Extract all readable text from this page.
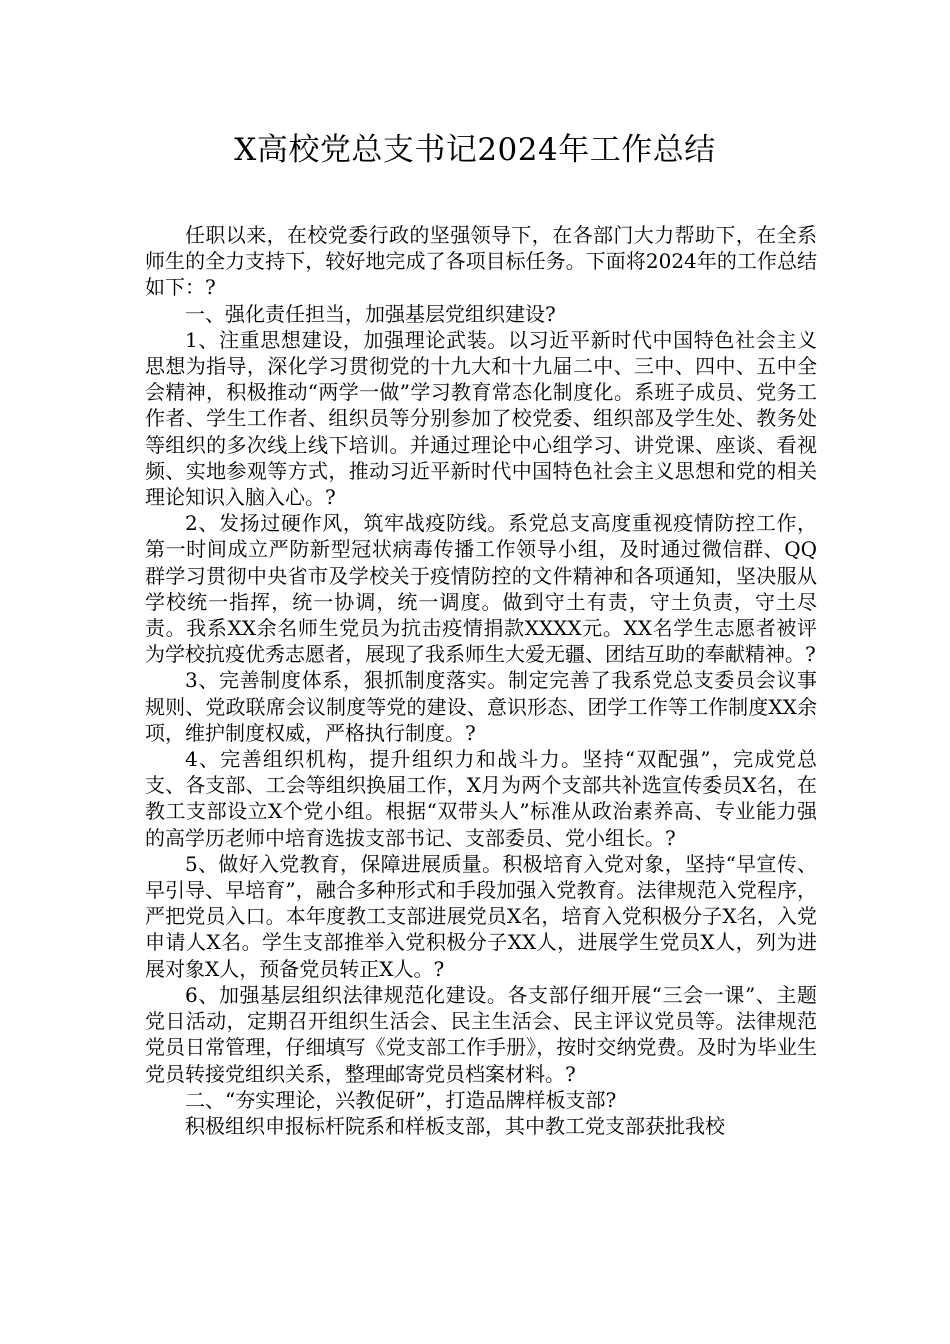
X高校党总支书记2024年工作总结

任职以来，在校党委行政的坚强领导下，在各部门大力帮助下，在全系师生的全力支持下，较好地完成了各项目标任务。下面将2024年的工作总结如下：?

一、强化责任担当，加强基层党组织建设?

1、注重思想建设，加强理论武装。以习近平新时代中国特色社会主义思想为指导，深化学习贯彻党的十九大和十九届二中、三中、四中、五中全会精神，积极推动“两学一做”学习教育常态化制度化。系班子成员、党务工作者、学生工作者、组织员等分别参加了校党委、组织部及学生处、教务处等组织的多次线上线下培训。并通过理论中心组学习、讲党课、座谈、看视频、实地参观等方式，推动习近平新时代中国特色社会主义思想和党的相关理论知识入脑入心。?

2、发扬过硬作风，筑牢战疫防线。系党总支高度重视疫情防控工作，第一时间成立严防新型冠状病毒传播工作领导小组，及时通过微信群、QQ群学习贯彻中央省市及学校关于疫情防控的文件精神和各项通知，坚决服从学校统一指挥，统一协调，统一调度。做到守土有责，守土负责，守土尽责。我系XX余名师生党员为抗击疫情捐款XXXX元。XX名学生志愿者被评为学校抗疫优秀志愿者，展现了我系师生大爱无疆、团结互助的奉献精神。?

3、完善制度体系，狠抓制度落实。制定完善了我系党总支委员会议事规则、党政联席会议制度等党的建设、意识形态、团学工作等工作制度XX余项，维护制度权威，严格执行制度。?

4、完善组织机构，提升组织力和战斗力。坚持“双配强”，完成党总支、各支部、工会等组织换届工作，X月为两个支部共补选宣传委员X名，在教工支部设立X个党小组。根据“双带头人”标准从政治素养高、专业能力强的高学历老师中培育选拔支部书记、支部委员、党小组长。?

5、做好入党教育，保障进展质量。积极培育入党对象，坚持“早宣传、早引导、早培育”，融合多种形式和手段加强入党教育。法律规范入党程序，严把党员入口。本年度教工支部进展党员X名，培育入党积极分子X名，入党申请人X名。学生支部推举入党积极分子XX人，进展学生党员X人，列为进展对象X人，预备党员转正X人。?

6、加强基层组织法律规范化建设。各支部仔细开展“三会一课”、主题党日活动，定期召开组织生活会、民主生活会、民主评议党员等。法律规范党员日常管理，仔细填写《党支部工作手册》，按时交纳党费。及时为毕业生党员转接党组织关系，整理邮寄党员档案材料。?

二、“夯实理论，兴教促研”，打造品牌样板支部?

积极组织申报标杆院系和样板支部，其中教工党支部获批我校
